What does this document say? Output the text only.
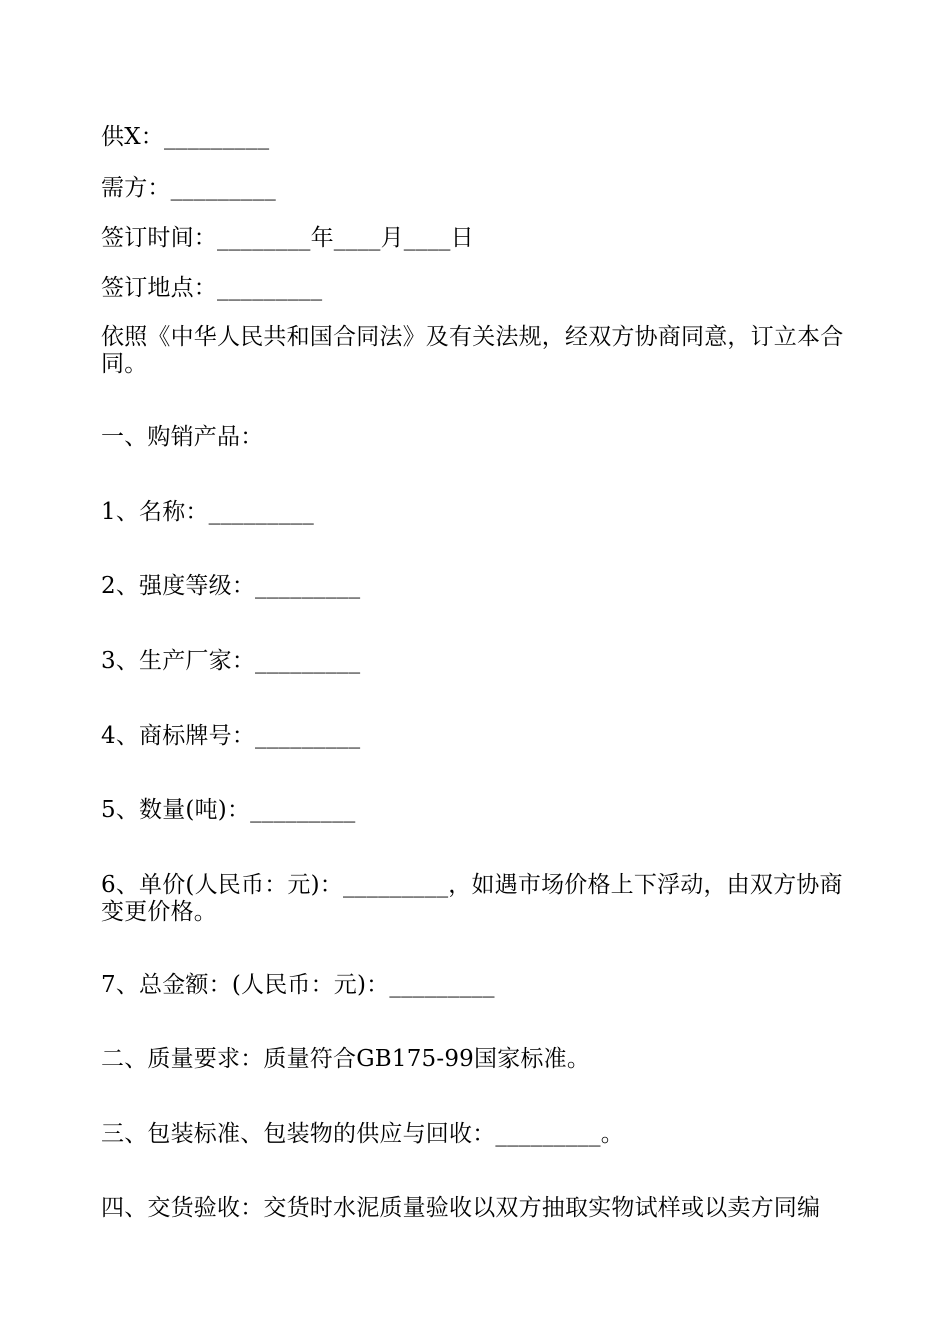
供X：_________
需方：_________
签订时间：________年____月____日
签订地点：_________
依照《中华人民共和国合同法》及有关法规，经双方协商同意，订立本合同。
一、购销产品：
1、名称：_________
2、强度等级：_________
3、生产厂家：_________
4、商标牌号：_________
5、数量(吨)：_________
6、单价(人民币：元)：_________，如遇市场价格上下浮动，由双方协商变更价格。
7、总金额：(人民币：元)：_________
二、质量要求：质量符合GB175-99国家标准。
三、包装标准、包装物的供应与回收：_________。
四、交货验收：交货时水泥质量验收以双方抽取实物试样或以卖方同编
